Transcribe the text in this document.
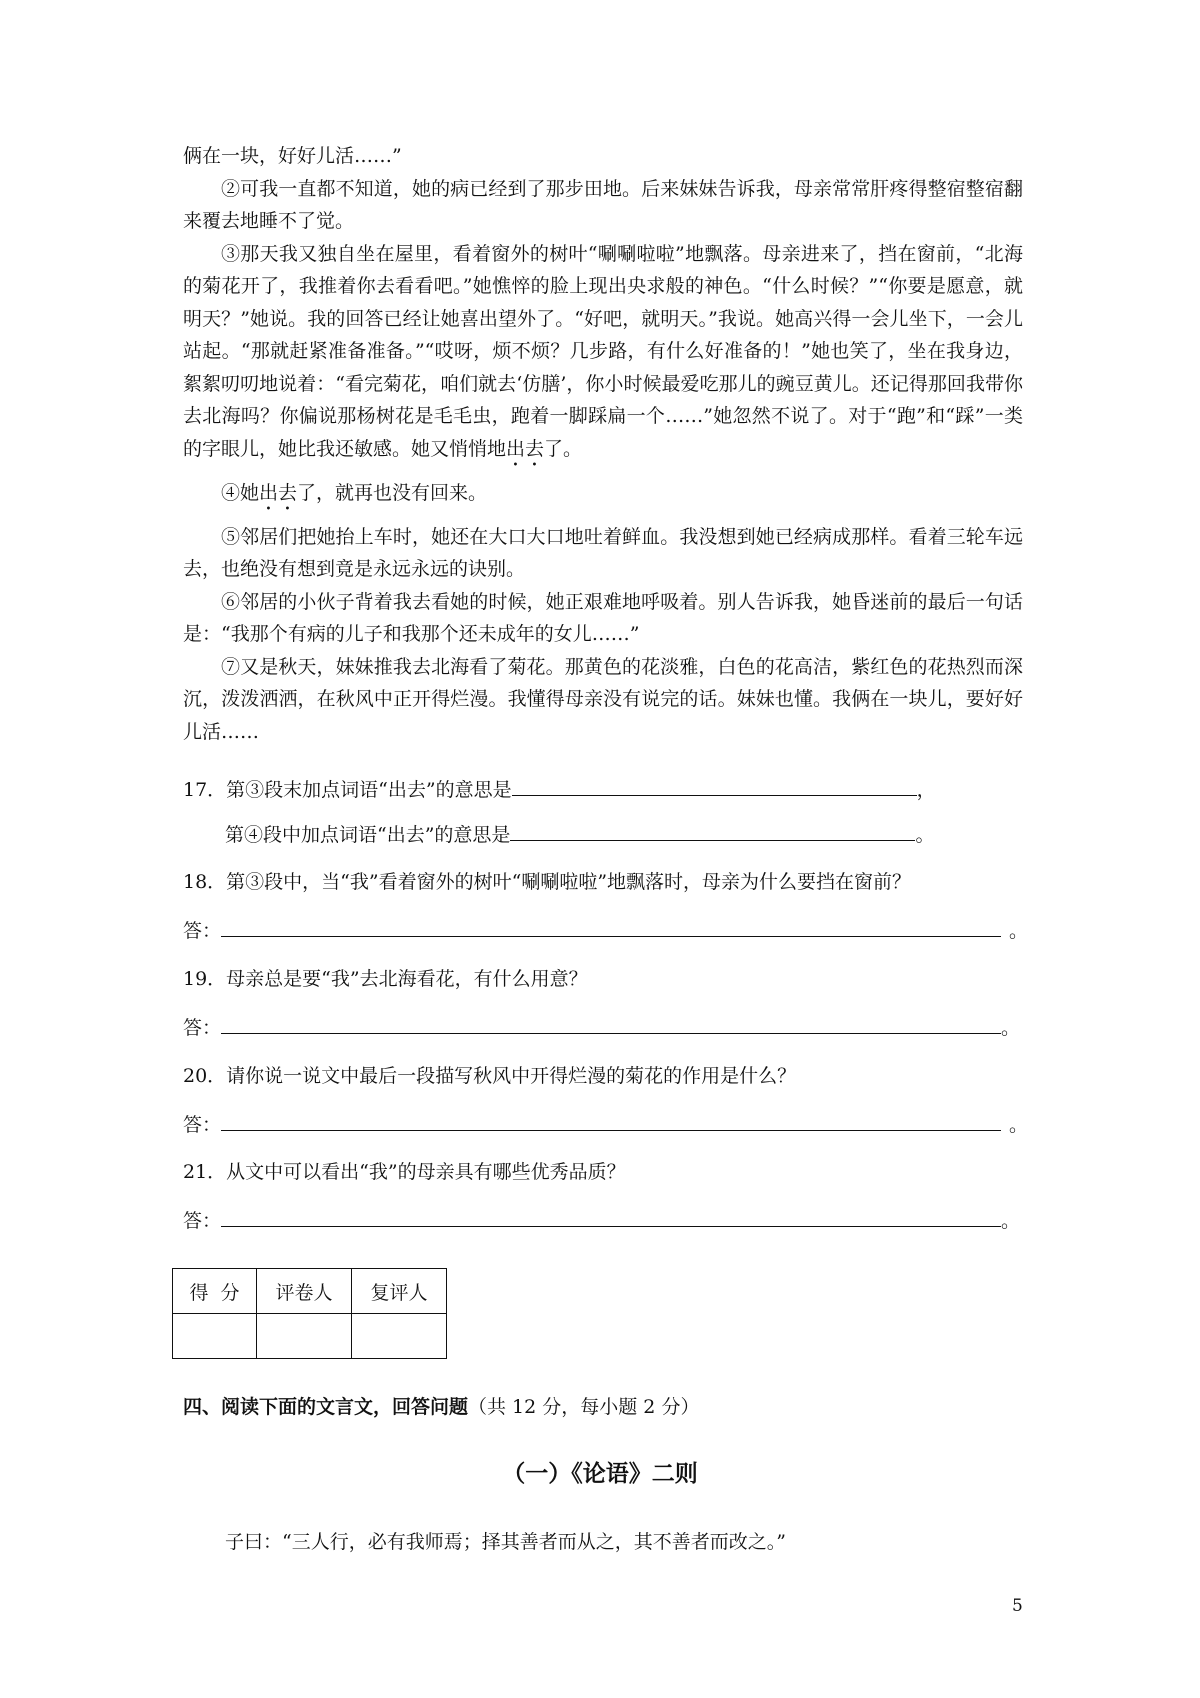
俩在一块，好好儿活……”

②可我一直都不知道，她的病已经到了那步田地。后来妹妹告诉我，母亲常常肝疼得整宿整宿翻来覆去地睡不了觉。

③那天我又独自坐在屋里，看着窗外的树叶“唰唰啦啦”地飘落。母亲进来了，挡在窗前，“北海的菊花开了，我推着你去看看吧。”她憔悴的脸上现出央求般的神色。“什么时候？”“你要是愿意，就明天？”她说。我的回答已经让她喜出望外了。“好吧，就明天。”我说。她高兴得一会儿坐下，一会儿站起。“那就赶紧准备准备。”“哎呀，烦不烦？几步路，有什么好准备的！”她也笑了，坐在我身边，絮絮叨叨地说着：“看完菊花，咱们就去‘仿膳’，你小时候最爱吃那儿的豌豆黄儿。还记得那回我带你去北海吗？你偏说那杨树花是毛毛虫，跑着一脚踩扁一个……”她忽然不说了。对于“跑”和“踩”一类的字眼儿，她比我还敏感。她又悄悄地出去了。

④她出去了，就再也没有回来。

⑤邻居们把她抬上车时，她还在大口大口地吐着鲜血。我没想到她已经病成那样。看着三轮车远去，也绝没有想到竟是永远永远的诀别。

⑥邻居的小伙子背着我去看她的时候，她正艰难地呼吸着。别人告诉我，她昏迷前的最后一句话是：“我那个有病的儿子和我那个还未成年的女儿……”

⑦又是秋天，妹妹推我去北海看了菊花。那黄色的花淡雅，白色的花高洁，紫红色的花热烈而深沉，泼泼洒洒，在秋风中正开得烂漫。我懂得母亲没有说完的话。妹妹也懂。我俩在一块儿，要好好儿活……

17．第③段末加点词语“出去”的意思是	，
第④段中加点词语“出去”的意思是	。
18．第③段中，当“我”看着窗外的树叶“唰唰啦啦”地飘落时，母亲为什么要挡在窗前？
答：	。
19．母亲总是要“我”去北海看花，有什么用意？
答：	。
20．请你说一说文中最后一段描写秋风中开得烂漫的菊花的作用是什么？
答：	。
21．从文中可以看出“我”的母亲具有哪些优秀品质？
答：	。
得  分	评卷人	复评人

四、阅读下面的文言文，回答问题（共 12 分，每小题 2 分）
（一）《论语》二则
子曰：“三人行，必有我师焉；择其善者而从之，其不善者而改之。”
5
